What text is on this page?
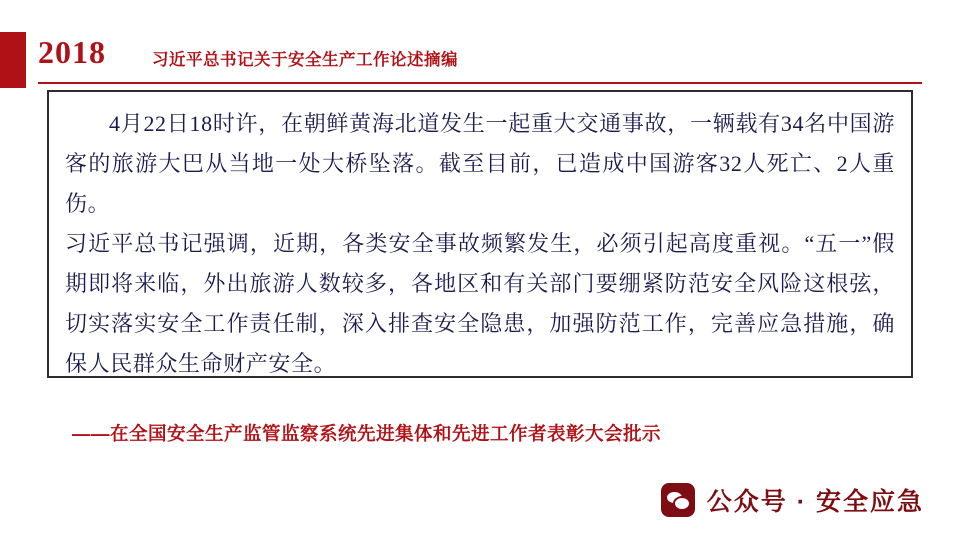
2018	习近平总书记关于安全生产工作论述摘编

4月22日18时许，在朝鲜黄海北道发生一起重大交通事故，一辆载有34名中国游客的旅游大巴从当地一处大桥坠落。截至目前，已造成中国游客32人死亡、2人重伤。

习近平总书记强调，近期，各类安全事故频繁发生，必须引起高度重视。“五一”假期即将来临，外出旅游人数较多，各地区和有关部门要绷紧防范安全风险这根弦，切实落实安全工作责任制，深入排查安全隐患，加强防范工作，完善应急措施，确保人民群众生命财产安全。

——在全国安全生产监管监察系统先进集体和先进工作者表彰大会批示
公众号 · 安全应急
